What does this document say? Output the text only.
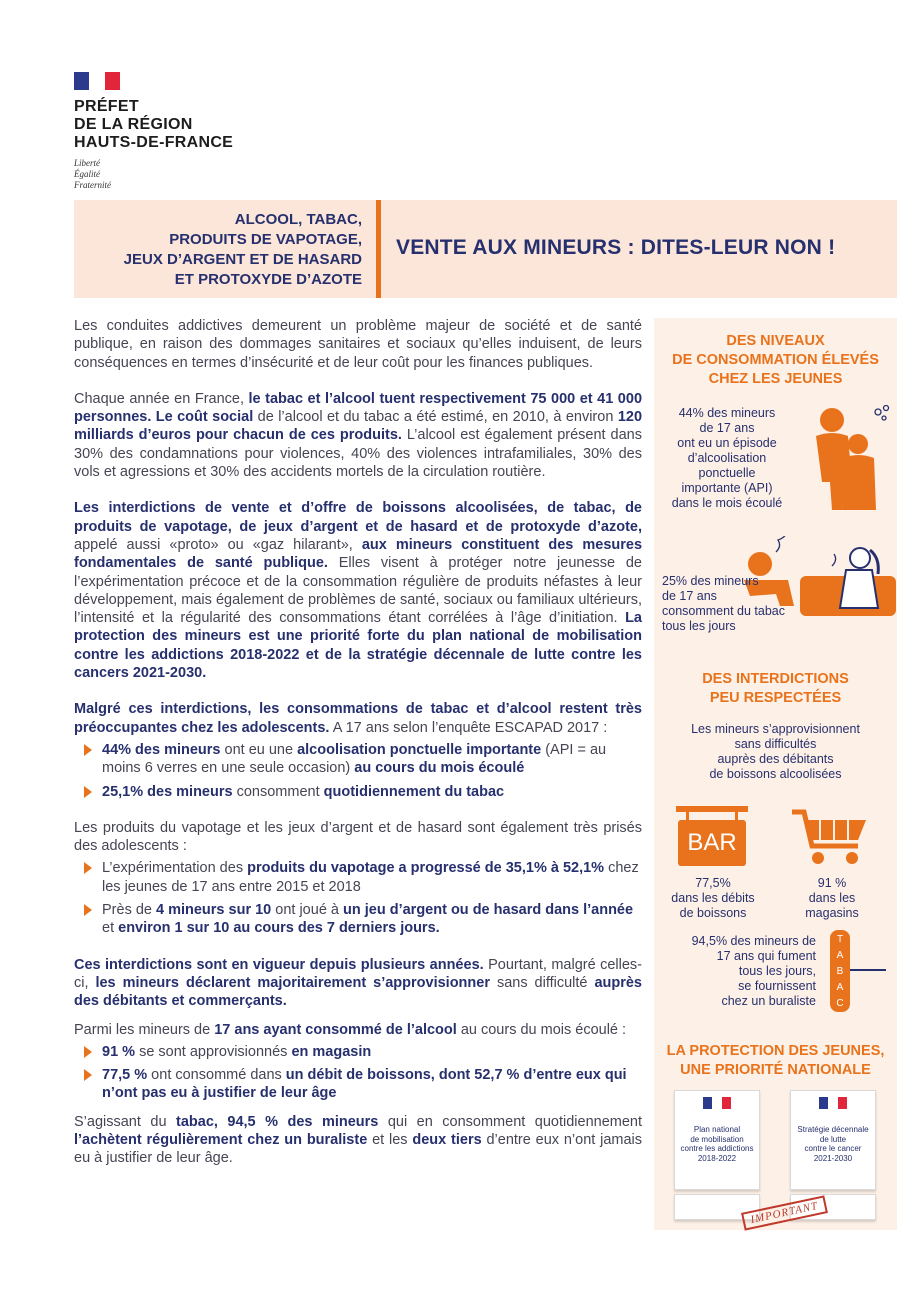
PRÉFET
DE LA RÉGION
HAUTS-DE-FRANCE
Liberté
Égalité
Fraternité
ALCOOL, TABAC,
PRODUITS DE VAPOTAGE,
JEUX D’ARGENT ET DE HASARD
ET PROTOXYDE D’AZOTE
VENTE AUX MINEURS : DITES-LEUR NON !

Les conduites addictives demeurent un problème majeur de société et de santé publique, en raison des dommages sanitaires et sociaux qu’elles induisent, de leurs conséquences en termes d’insécurité et de leur coût pour les finances publiques.

Chaque année en France, le tabac et l’alcool tuent respectivement 75 000 et 41 000 personnes. Le coût social de l’alcool et du tabac a été estimé, en 2010, à environ 120 milliards d’euros pour chacun de ces produits. L’alcool est également présent dans 30% des condamnations pour violences, 40% des violences intrafamiliales, 30% des vols et agressions et 30% des accidents mortels de la circulation routière.

Les interdictions de vente et d’offre de boissons alcoolisées, de tabac, de produits de vapotage, de jeux d’argent et de hasard et de protoxyde d’azote, appelé aussi «proto» ou «gaz hilarant», aux mineurs constituent des mesures fondamentales de santé publique. Elles visent à protéger notre jeunesse de l’expérimentation précoce et de la consommation régulière de produits néfastes à leur développement, mais également de problèmes de santé, sociaux ou familiaux ultérieurs, l’intensité et la régularité des consommations étant corrélées à l’âge d’initiation. La protection des mineurs est une priorité forte du plan national de mobilisation contre les addictions 2018-2022 et de la stratégie décennale de lutte contre les cancers 2021-2030.

Malgré ces interdictions, les consommations de tabac et d’alcool restent très préoccupantes chez les adolescents. A 17 ans selon l’enquête ESCAPAD 2017 :

44% des mineurs ont eu une alcoolisation ponctuelle importante (API = au moins 6 verres en une seule occasion) au cours du mois écoulé
25,1% des mineurs consomment quotidiennement du tabac

Les produits du vapotage et les jeux d’argent et de hasard sont également très prisés des adolescents :

L’expérimentation des produits du vapotage a progressé de 35,1% à 52,1% chez les jeunes de 17 ans entre 2015 et 2018
Près de 4 mineurs sur 10 ont joué à un jeu d’argent ou de hasard dans l’année et environ 1 sur 10 au cours des 7 derniers jours.

Ces interdictions sont en vigueur depuis plusieurs années. Pourtant, malgré celles-ci, les mineurs déclarent majoritairement s’approvisionner sans difficulté auprès des débitants et commerçants.

Parmi les mineurs de 17 ans ayant consommé de l’alcool au cours du mois écoulé :

91 % se sont approvisionnés en magasin
77,5 % ont consommé dans un débit de boissons, dont 52,7 % d’entre eux qui n’ont pas eu à justifier de leur âge

S’agissant du tabac, 94,5 % des mineurs qui en consomment quotidiennement l’achètent régulièrement chez un buraliste et les deux tiers d’entre eux n’ont jamais eu à justifier de leur âge.

DES NIVEAUX
DE CONSOMMATION ÉLEVÉS
CHEZ LES JEUNES
44% des mineurs
de 17 ans
ont eu un épisode
d’alcoolisation
ponctuelle
importante (API)
dans le mois écoulé
25% des mineurs
de 17 ans
consomment du tabac
tous les jours
DES INTERDICTIONS
PEU RESPECTÉES
Les mineurs s’approvisionnent
sans difficultés
auprès des débitants
de boissons alcoolisées
BAR
77,5%
dans les débits
de boissons
91 %
dans les
magasins
94,5% des mineurs de
17 ans qui fument
tous les jours,
se fournissent
chez un buraliste
T
A
B
A
C
LA PROTECTION DES JEUNES,
UNE PRIORITÉ NATIONALE
Plan national
de mobilisation
contre les addictions
2018-2022
Stratégie décennale
de lutte
contre le cancer
2021-2030
IMPORTANT
